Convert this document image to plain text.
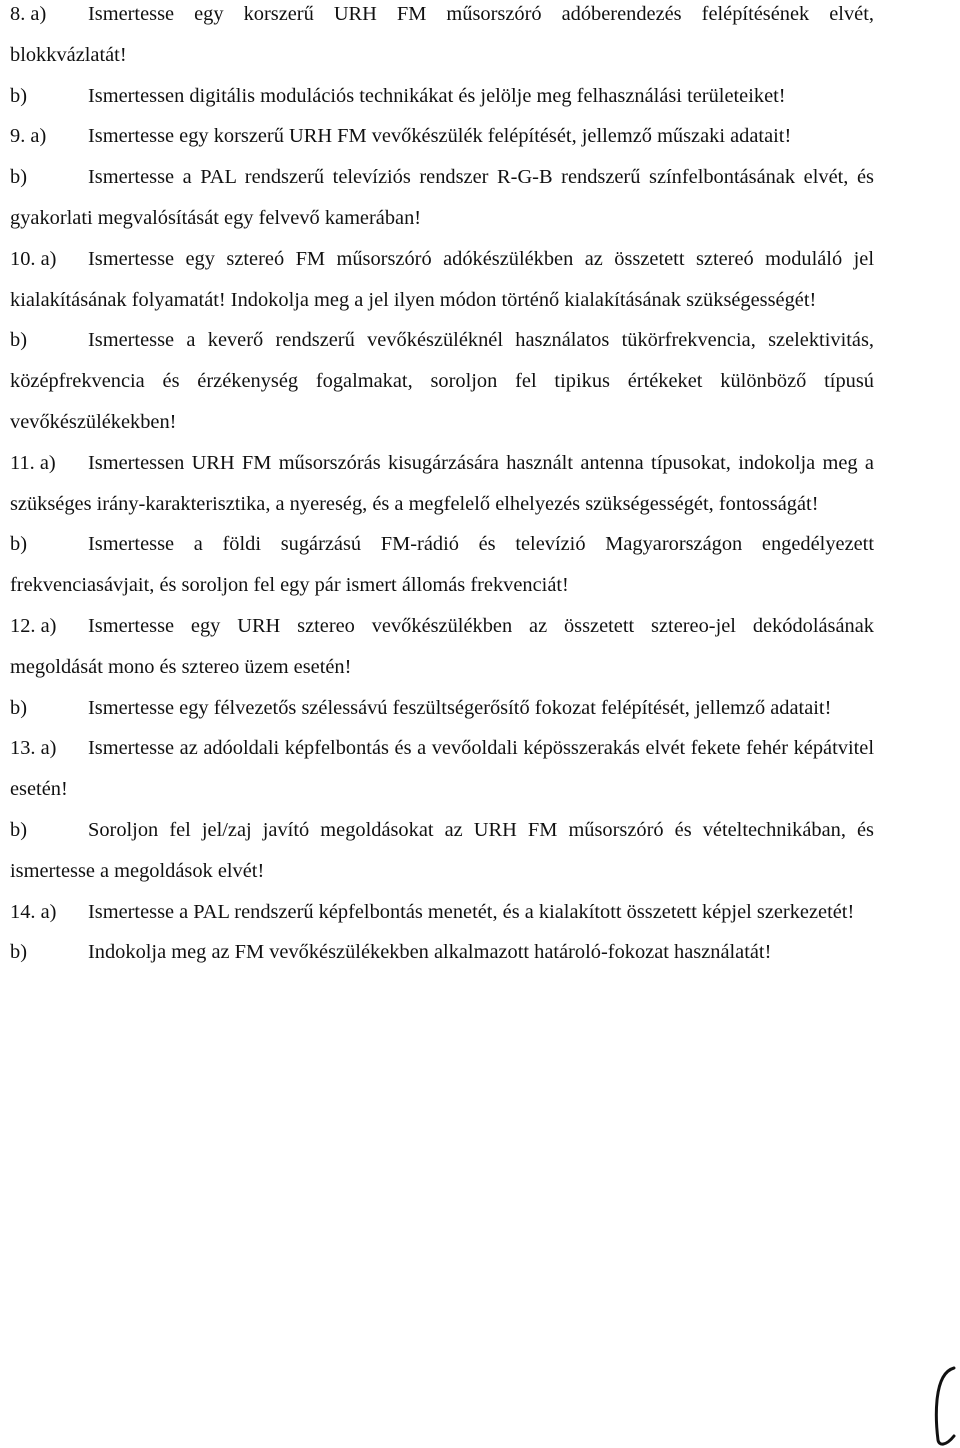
8. a) Ismertesse egy korszerű URH FM műsorszóró adóberendezés felépítésének elvét, blokkvázlatát!

b)	Ismertessen digitális modulációs technikákat és jelölje meg felhasználási területeiket!

9. a) Ismertesse egy korszerű URH FM vevőkészülék felépítését, jellemző műszaki adatait!

b)	Ismertesse a PAL rendszerű televíziós rendszer R-G-B rendszerű színfelbontásának elvét, és gyakorlati megvalósítását egy felvevő kamerában!

10. a) Ismertesse egy sztereó FM műsorszóró adókészülékben az összetett sztereó moduláló jel kialakításának folyamatát! Indokolja meg a jel ilyen módon történő kialakításának szükségességét!

b)	Ismertesse a keverő rendszerű vevőkészüléknél használatos tükörfrekvencia, szelektivitás, középfrekvencia és érzékenység fogalmakat, soroljon fel tipikus értékeket különböző típusú vevőkészülékekben!

11. a) Ismertessen URH FM műsorszórás kisugárzására használt antenna típusokat, indokolja meg a szükséges irány-karakterisztika, a nyereség, és a megfelelő elhelyezés szükségességét, fontosságát!

b)	Ismertesse a földi sugárzású FM-rádió és televízió Magyarországon engedélyezett frekvenciasávjait, és soroljon fel egy pár ismert állomás frekvenciát!

12. a) Ismertesse egy URH sztereo vevőkészülékben az összetett sztereo-jel dekódolásának megoldását mono és sztereo üzem esetén!

b)	Ismertesse egy félvezetős szélessávú feszültségerősítő fokozat felépítését, jellemző adatait!

13. a) Ismertesse az adóoldali képfelbontás és a vevőoldali képösszerakás elvét fekete fehér képátvitel esetén!

b)	Soroljon fel jel/zaj javító megoldásokat az URH FM műsorszóró és vételtechnikában, és ismertesse a megoldások elvét!

14. a) Ismertesse a PAL rendszerű képfelbontás menetét, és a kialakított összetett képjel szerkezetét!

b)	Indokolja meg az FM vevőkészülékekben alkalmazott határoló-fokozat használatát!
